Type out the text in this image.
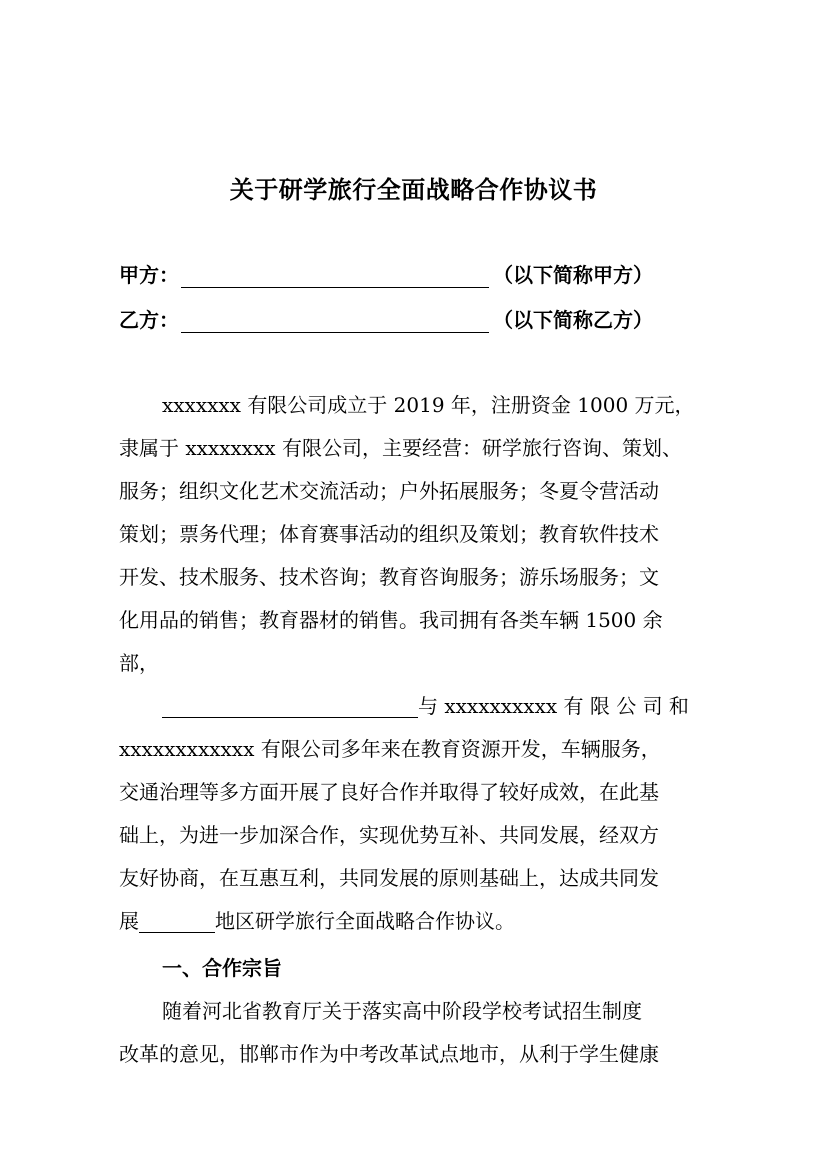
关于研学旅行全面战略合作协议书
甲方：	（以下简称甲方）
乙方：	（以下简称乙方）
xxxxxxx 有限公司成立于 2019 年，注册资金 1000 万元，
隶属于 xxxxxxxx 有限公司，主要经营：研学旅行咨询、策划、
服务；组织文化艺术交流活动；户外拓展服务；冬夏令营活动
策划；票务代理；体育赛事活动的组织及策划；教育软件技术
开发、技术服务、技术咨询；教育咨询服务；游乐场服务；文
化用品的销售；教育器材的销售。我司拥有各类车辆 1500 余
部，
与 xxxxxxxxxx 有 限 公 司 和
xxxxxxxxxxxx 有限公司多年来在教育资源开发，车辆服务，
交通治理等多方面开展了良好合作并取得了较好成效，在此基
础上，为进一步加深合作，实现优势互补、共同发展，经双方
友好协商，在互惠互利，共同发展的原则基础上，达成共同发
展	地区研学旅行全面战略合作协议。
一、合作宗旨
随着河北省教育厅关于落实高中阶段学校考试招生制度
改革的意见，邯郸市作为中考改革试点地市，从利于学生健康
